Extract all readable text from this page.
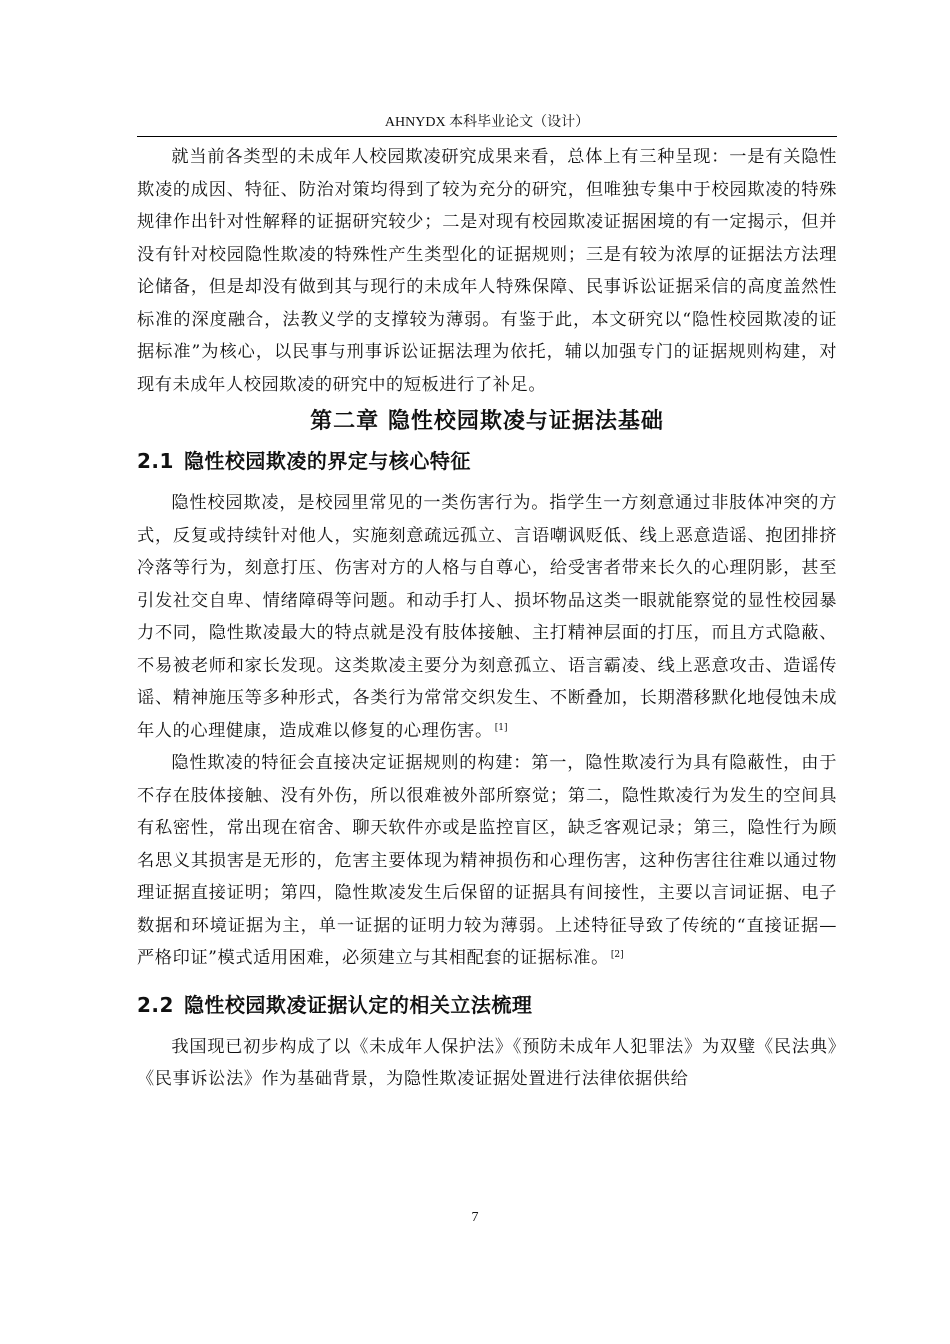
AHNYDX 本科毕业论文（设计）

就当前各类型的未成年人校园欺凌研究成果来看，总体上有三种呈现：一是有关隐性欺凌的成因、特征、防治对策均得到了较为充分的研究，但唯独专集中于校园欺凌的特殊规律作出针对性解释的证据研究较少；二是对现有校园欺凌证据困境的有一定揭示，但并没有针对校园隐性欺凌的特殊性产生类型化的证据规则；三是有较为浓厚的证据法方法理论储备，但是却没有做到其与现行的未成年人特殊保障、民事诉讼证据采信的高度盖然性标准的深度融合，法教义学的支撑较为薄弱。有鉴于此，本文研究以“隐性校园欺凌的证据标准”为核心，以民事与刑事诉讼证据法理为依托，辅以加强专门的证据规则构建，对现有未成年人校园欺凌的研究中的短板进行了补足。

第二章 隐性校园欺凌与证据法基础
2.1 隐性校园欺凌的界定与核心特征

隐性校园欺凌，是校园里常见的一类伤害行为。指学生一方刻意通过非肢体冲突的方式，反复或持续针对他人，实施刻意疏远孤立、言语嘲讽贬低、线上恶意造谣、抱团排挤冷落等行为，刻意打压、伤害对方的人格与自尊心，给受害者带来长久的心理阴影，甚至引发社交自卑、情绪障碍等问题。和动手打人、损坏物品这类一眼就能察觉的显性校园暴力不同，隐性欺凌最大的特点就是没有肢体接触、主打精神层面的打压，而且方式隐蔽、不易被老师和家长发现。这类欺凌主要分为刻意孤立、语言霸凌、线上恶意攻击、造谣传谣、精神施压等多种形式，各类行为常常交织发生、不断叠加，长期潜移默化地侵蚀未成年人的心理健康，造成难以修复的心理伤害。 [1]

隐性欺凌的特征会直接决定证据规则的构建：第一，隐性欺凌行为具有隐蔽性，由于不存在肢体接触、没有外伤，所以很难被外部所察觉；第二，隐性欺凌行为发生的空间具有私密性，常出现在宿舍、聊天软件亦或是监控盲区，缺乏客观记录；第三，隐性行为顾名思义其损害是无形的，危害主要体现为精神损伤和心理伤害，这种伤害往往难以通过物理证据直接证明；第四，隐性欺凌发生后保留的证据具有间接性，主要以言词证据、电子数据和环境证据为主，单一证据的证明力较为薄弱。上述特征导致了传统的“直接证据—严格印证”模式适用困难，必须建立与其相配套的证据标准。 [2]

2.2 隐性校园欺凌证据认定的相关立法梳理

我国现已初步构成了以《未成年人保护法》《预防未成年人犯罪法》为双璧《民法典》《民事诉讼法》作为基础背景，为隐性欺凌证据处置进行法律依据供给

7
